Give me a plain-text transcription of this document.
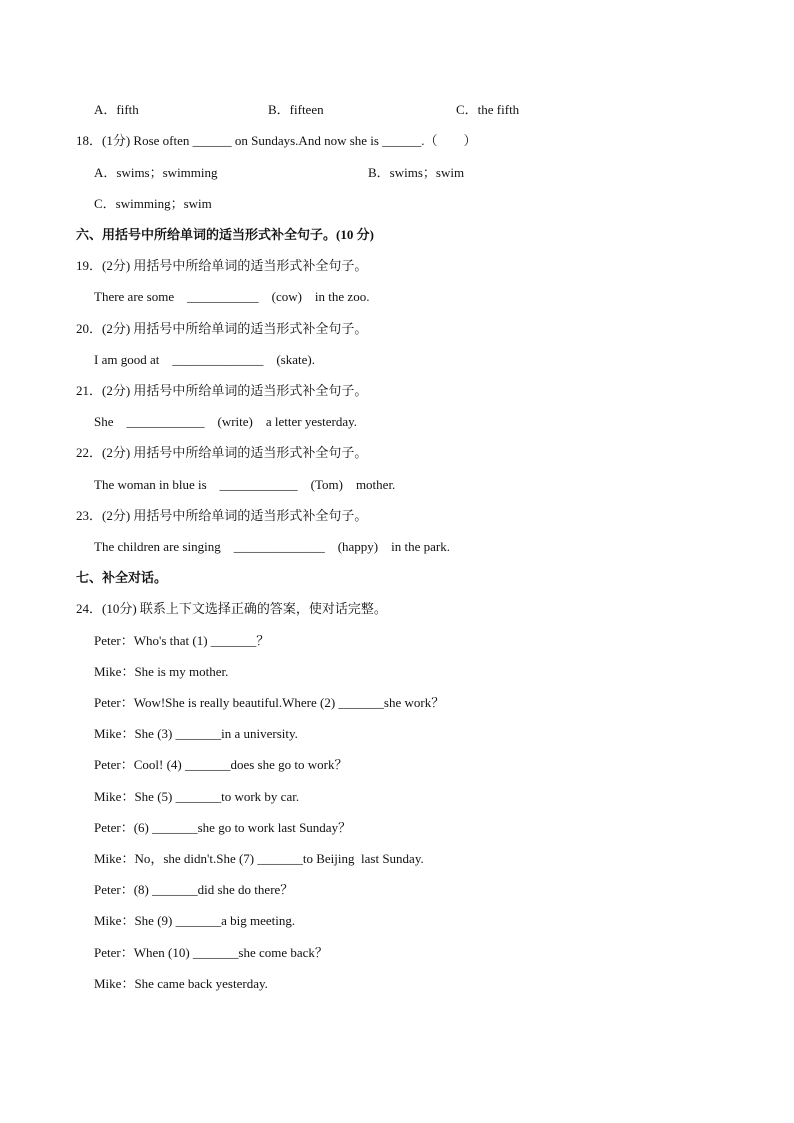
A．fifth	B．fifteen	C．the fifth
18．(1分) Rose often ______ on Sundays.And now she is ______.（　　）
A．swims；swimming	B．swims；swim
C．swimming；swim
六、用括号中所给单词的适当形式补全句子。(10 分)
19．(2分) 用括号中所给单词的适当形式补全句子。
There are some　___________　(cow)　in the zoo.
20．(2分) 用括号中所给单词的适当形式补全句子。
I am good at　______________　(skate).
21．(2分) 用括号中所给单词的适当形式补全句子。
She　____________　(write)　a letter yesterday.
22．(2分) 用括号中所给单词的适当形式补全句子。
The woman in blue is　____________　(Tom)　mother.
23．(2分) 用括号中所给单词的适当形式补全句子。
The children are singing　______________　(happy)　in the park.
七、补全对话。
24．(10分) 联系上下文选择正确的答案，使对话完整。
Peter：Who's that (1) _______？
Mike：She is my mother.
Peter：Wow!She is really beautiful.Where (2) _______she work？
Mike：She (3) _______in a university.
Peter：Cool! (4) _______does she go to work？
Mike：She (5) _______to work by car.
Peter：(6) _______she go to work last Sunday？
Mike：No，she didn't.She (7) _______to Beijing  last Sunday.
Peter：(8) _______did she do there？
Mike：She (9) _______a big meeting.
Peter：When (10) _______she come back？
Mike：She came back yesterday.
